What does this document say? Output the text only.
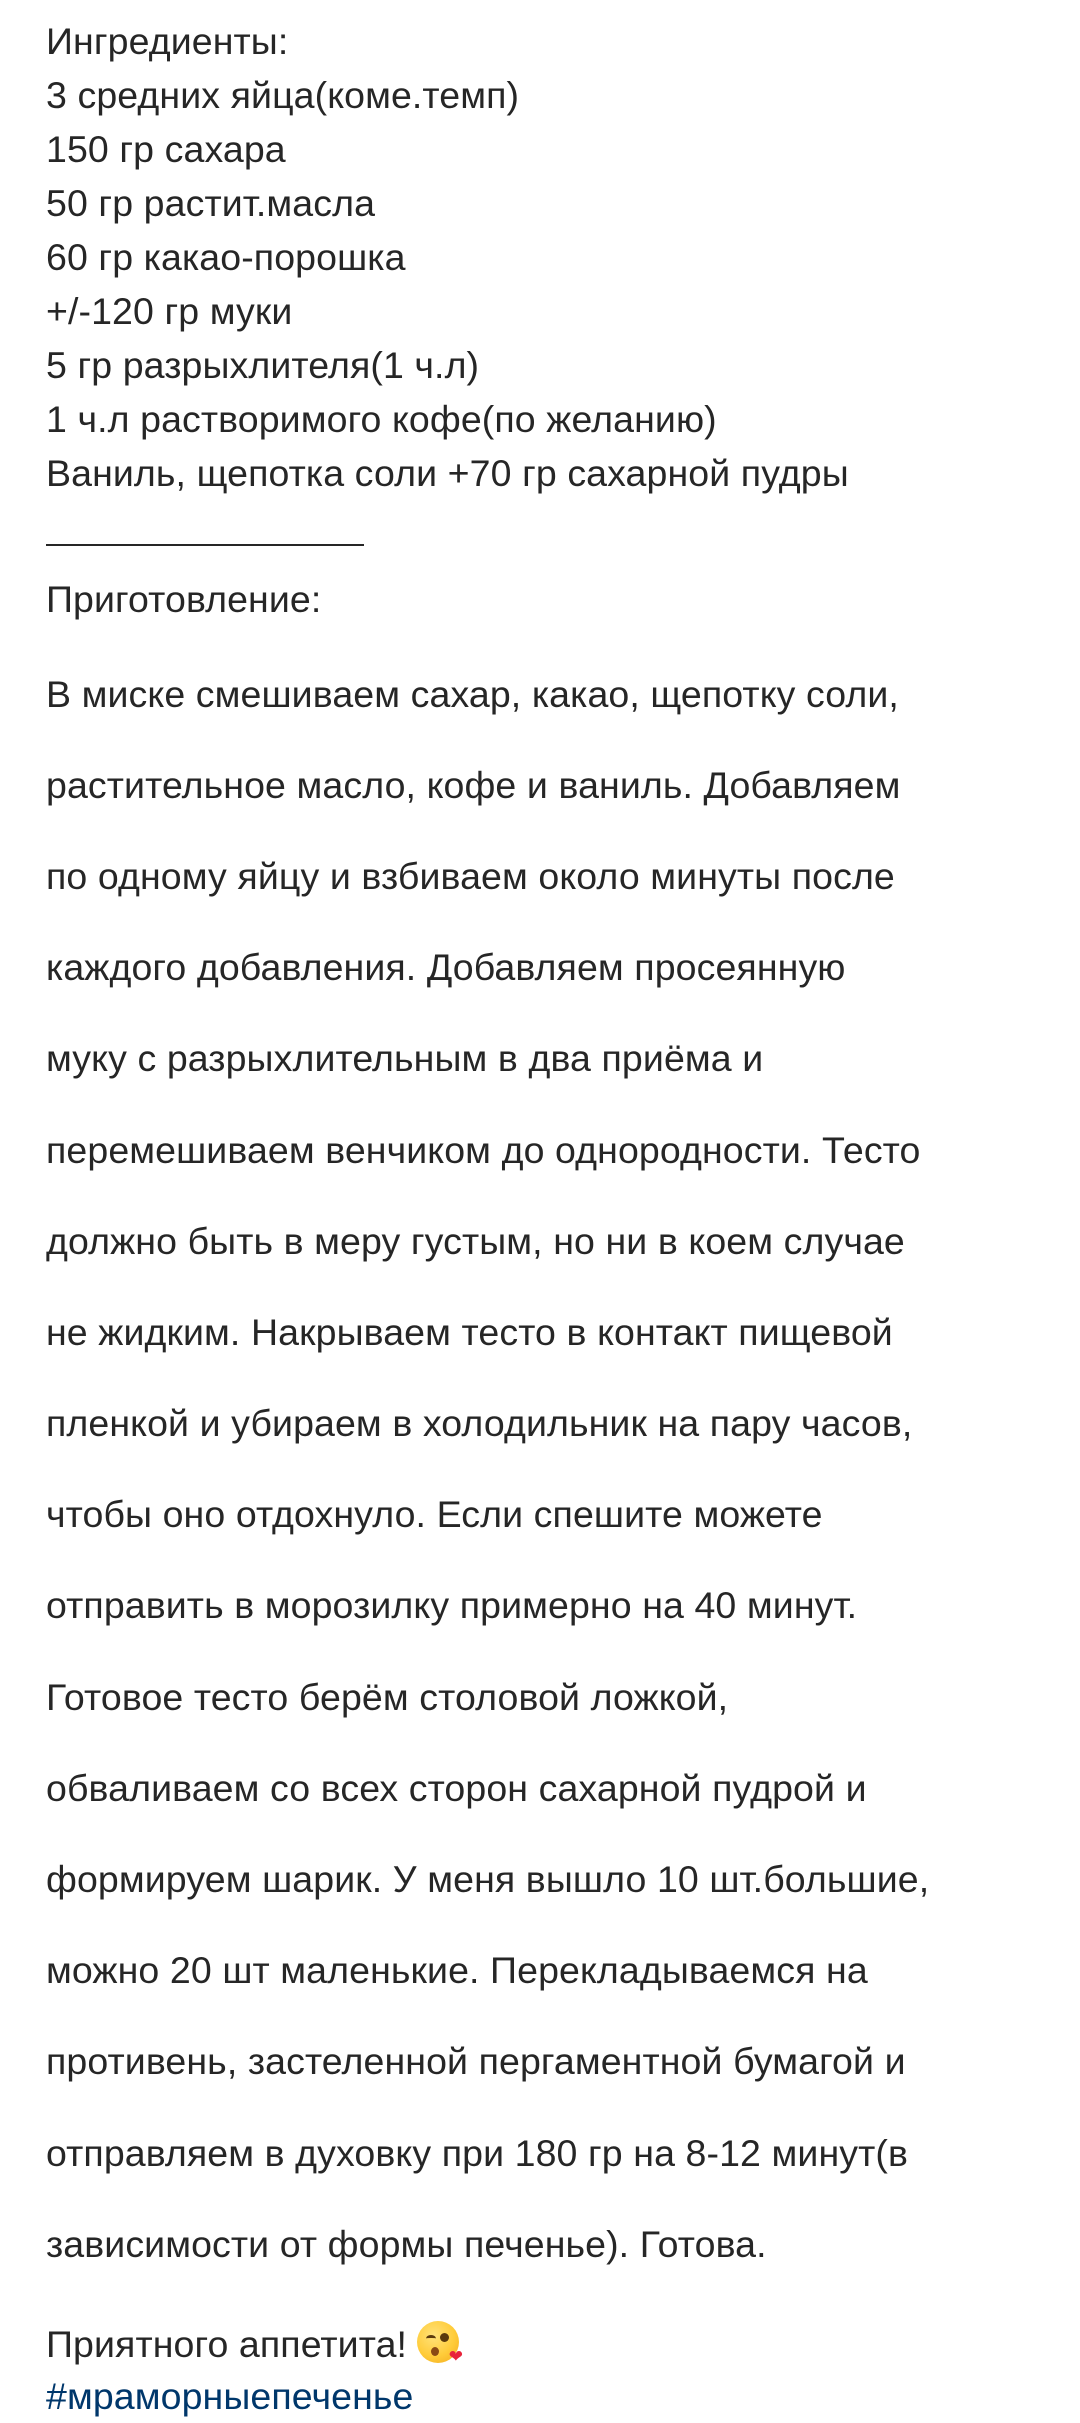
Ингредиенты:
3 средних яйца(коме.темп)
150 гр сахара
50 гр растит.масла
60 гр какао-порошка
+/-120 гр муки
5 гр разрыхлителя(1 ч.л)
1 ч.л растворимого кофе(по желанию)
Ваниль, щепотка соли +70 гр сахарной пудры
Приготовление:

В миске смешиваем сахар, какао, щепотку соли,

растительное масло, кофе и ваниль. Добавляем

по одному яйцу и взбиваем около минуты после

каждого добавления. Добавляем просеянную

муку с разрыхлительным в два приёма и

перемешиваем венчиком до однородности. Тесто

должно быть в меру густым, но ни в коем случае

не жидким. Накрываем тесто в контакт пищевой

пленкой и убираем в холодильник на пару часов,

чтобы оно отдохнуло. Если спешите можете

отправить в морозилку примерно на 40 минут.

Готовое тесто берём столовой ложкой,

обваливаем со всех сторон сахарной пудрой и

формируем шарик. У меня вышло 10 шт.большие,

можно 20 шт маленькие. Перекладываемся на

противень, застеленной пергаментной бумагой и

отправляем в духовку при 180 гр на 8-12 минут(в

зависимости от формы печенье). Готова.

Приятного аппетита! ❤
#мраморныепеченье
